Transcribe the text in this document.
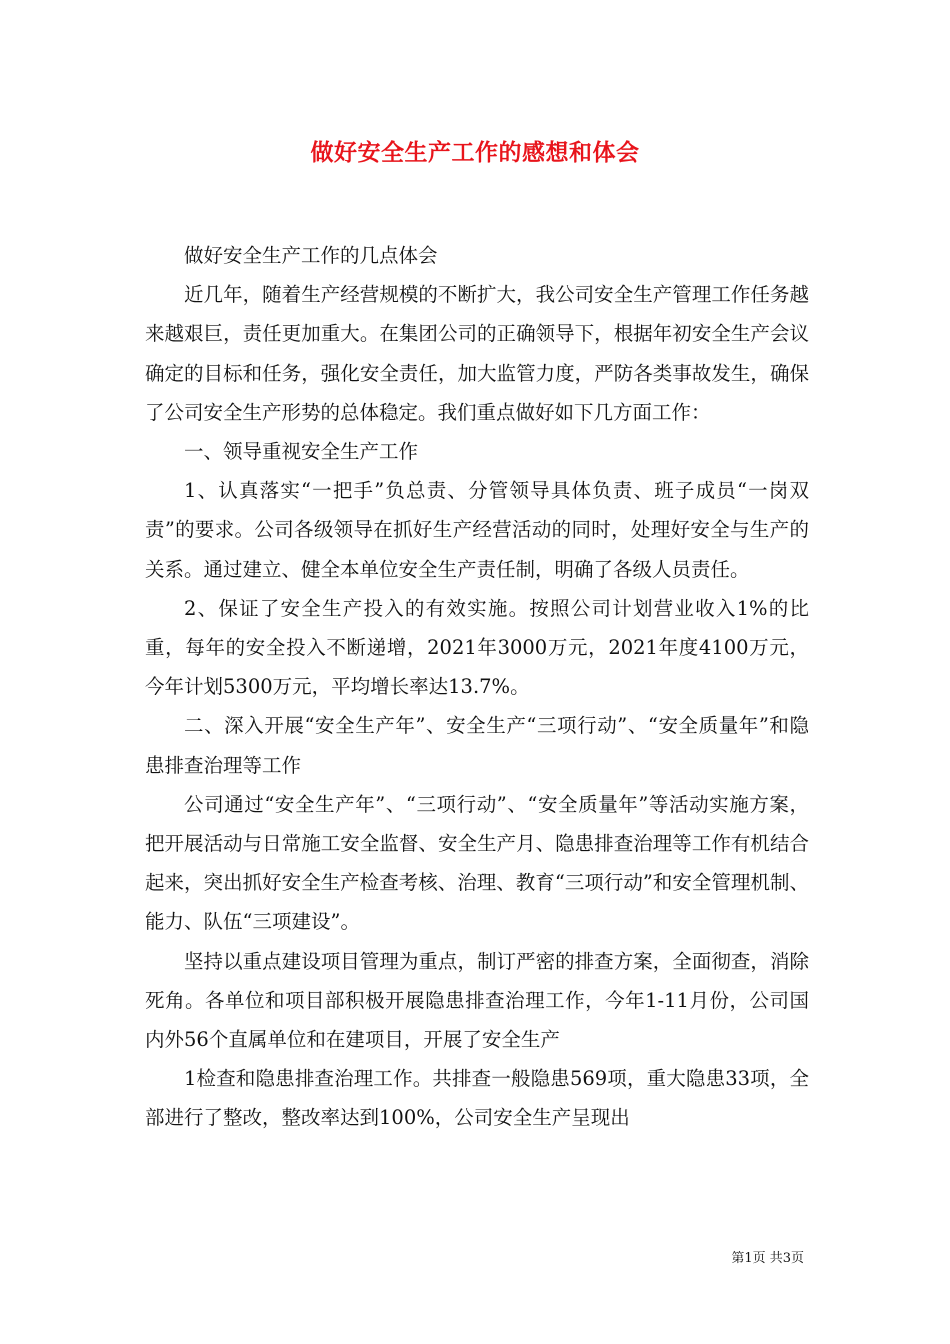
做好安全生产工作的感想和体会

做好安全生产工作的几点体会

近几年，随着生产经营规模的不断扩大，我公司安全生产管理工作任务越来越艰巨，责任更加重大。在集团公司的正确领导下，根据年初安全生产会议确定的目标和任务，强化安全责任，加大监管力度，严防各类事故发生，确保了公司安全生产形势的总体稳定。我们重点做好如下几方面工作：

一、领导重视安全生产工作

1、认真落实“一把手”负总责、分管领导具体负责、班子成员“一岗双责”的要求。公司各级领导在抓好生产经营活动的同时，处理好安全与生产的关系。通过建立、健全本单位安全生产责任制，明确了各级人员责任。

2、保证了安全生产投入的有效实施。按照公司计划营业收入1%的比重，每年的安全投入不断递增，2021年3000万元，2021年度4100万元，今年计划5300万元，平均增长率达13.7%。

二、深入开展“安全生产年”、安全生产“三项行动”、“安全质量年”和隐患排查治理等工作

公司通过“安全生产年”、“三项行动”、“安全质量年”等活动实施方案，把开展活动与日常施工安全监督、安全生产月、隐患排查治理等工作有机结合起来，突出抓好安全生产检查考核、治理、教育“三项行动”和安全管理机制、能力、队伍“三项建设”。

坚持以重点建设项目管理为重点，制订严密的排查方案，全面彻查，消除死角。各单位和项目部积极开展隐患排查治理工作，今年1-11月份，公司国内外56个直属单位和在建项目，开展了安全生产

1检查和隐患排查治理工作。共排查一般隐患569项，重大隐患33项，全部进行了整改，整改率达到100%，公司安全生产呈现出

第1页 共3页
